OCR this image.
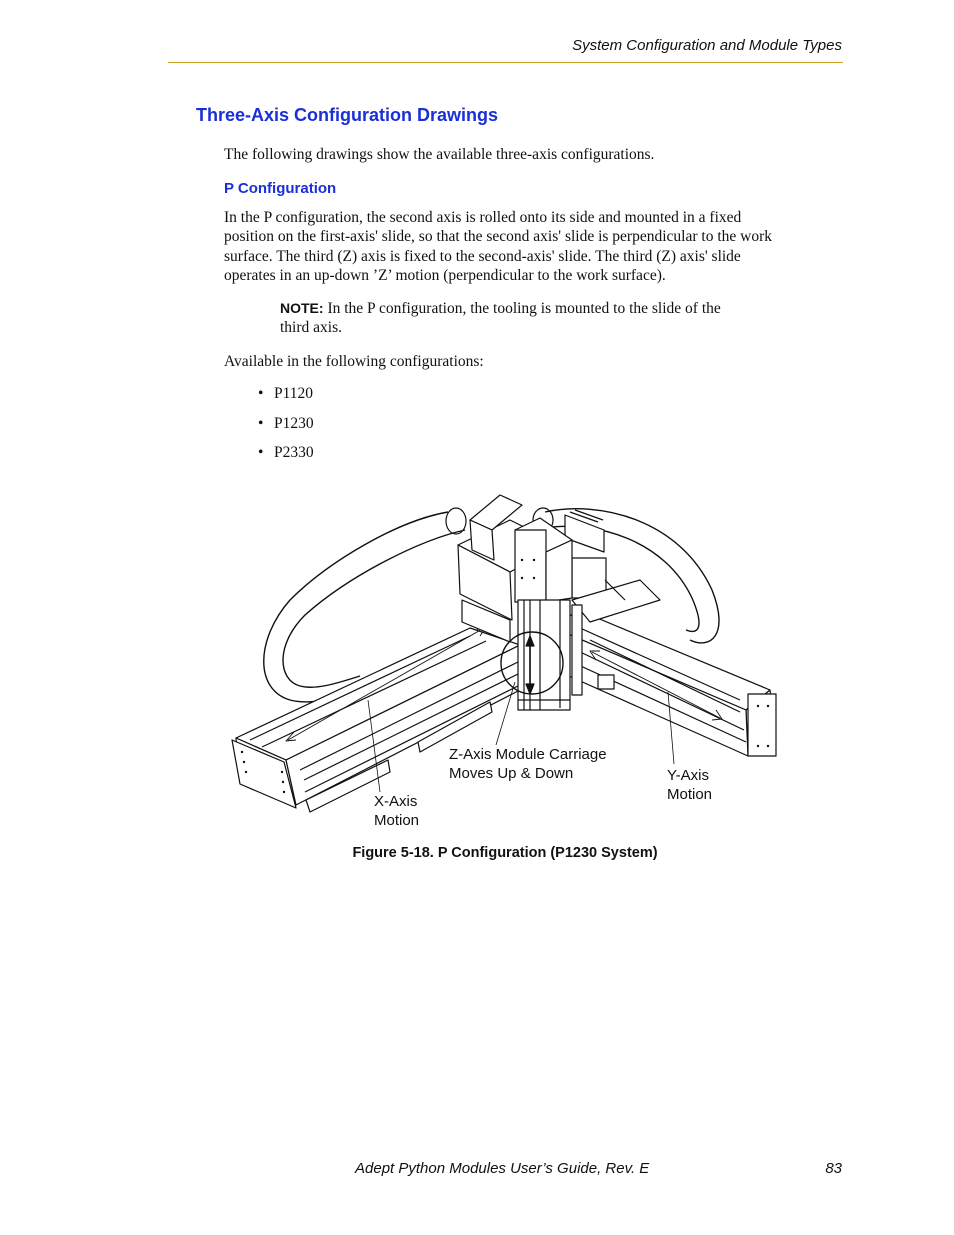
System Configuration and Module Types
Three-Axis Configuration Drawings
The following drawings show the available three-axis configurations.
P Configuration
In the P configuration, the second axis is rolled onto its side and mounted in a fixed
position on the first-axis' slide, so that the second axis' slide is perpendicular to the work
surface. The third (Z) axis is fixed to the second-axis' slide. The third (Z) axis' slide
operates in an up-down ’Z’ motion (perpendicular to the work surface).
NOTE: In the P configuration, the tooling is mounted to the slide of the
third axis.
Available in the following configurations:
• P1120
• P1230
• P2330
Z-Axis Module Carriage
Moves Up & Down	Y-Axis
Motion
X-Axis
Motion
Figure 5-18. P Configuration (P1230 System)
Adept Python Modules User’s Guide, Rev. E	83
